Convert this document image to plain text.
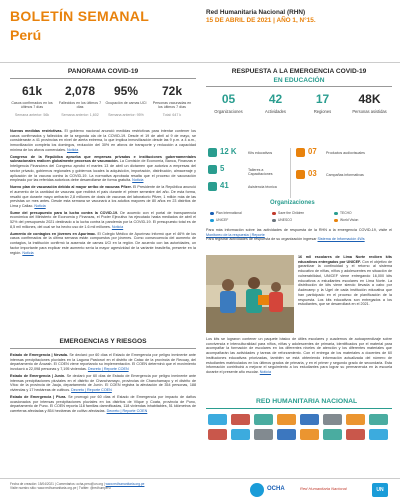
BOLETÍN SEMANAL
Perú
Red Humanitaria Nacional (RHN)
15 DE ABRIL DE 2021 | AÑO 1, N°15.
PANORAMA COVID-19
61k
Casos confirmados en los últimos 7 días
Semana anterior: 56k
2,078
Fallecidos en los últimos 7 días
Semana anterior: 1,602
95%
Ocupación de camas UCI
Semana anterior: 95%
72k
Personas vacunadas en los últimos 7 días
Total: 647 k
Nuevas medidas restrictivas. El gobierno nacional anunció medidas restrictivas para intentar contener los casos confirmados y fallecidos de la segunda ola de la COVID-19. Desde el 19 de abril al 9 de mayo, se considerarán a 41 provincias en nivel de alerta extrema, lo que implica inmovilización desde las 9 p.m. a 4 a.m., inmovilización completa los domingos, reducción del 30% en aforos de transporte y reducción a capacidad mínima de los aforos comerciales. Noticia
Congreso de la República aprueba que empresas privadas e instituciones gubernamentales subnacionales realicen globalmente procesos de vacunación. La Comisión de Economía, Banca, Finanzas e Inteligencia Financiera del Congreso aprobó el martes 13 de abril un dictamen que autoriza a empresas del sector privado, gobiernos regionales y gobiernos locales la adquisición, importación, distribución, almacenaje y aplicación de la vacuna contra la COVID-19. La normativa aprobada resalta que el proceso de vacunación empleado por las referidas autoricos debe desarrollarse de forma gratuita. Noticia
Nuevo plan de vacunación debido al mayor arribo de vacunas Pfizer. El Presidente de la República anunció el aumento de la cantidad de vacunas que recibirá el país durante el primer semestre del año. De esta forma, resaltó que durante mayo arribarán 2,8 millones de dosis de vacunas del laboratorio Pfizer, 1 millón más de las previstas un mes antes. Desde esta semana se vacunará a los adultos mayores de 80 años en 23 distritos de Lima y Callao. Noticia
Sume del presupuesto para la lucha contra la COVID-19. De acuerdo con el portal de transparencia económica del Ministerio de Economía y Finanzas, el Poder Ejecutivo ha ejecutado hasta mediados de abril el 52% del presupuesto 2021 destinado a la lucha contra la pandemia por la COVID-19. El presupuesto total es de 8,5 mil millones, del cual se ha hecho uso de 1.6 mil millones. Noticia
Aumento de contagios en jóvenes en Apurímac. El Colegio Médico de Apurímac informó que el 46% de los casos confirmados de la última semana están compuestos por jóvenes. Como consecuencia del aumento de contagios, la institución confirmó la ausencia de camas UCI en la región. De acuerdo con las autoridades, un factor importante para explicar este aumento sería la mayor agresividad de la variante brasileña, presente en la región. Noticia
EMERGENCIAS Y RIESGOS
Estado de Emergencia | Nevada. Se declaró por 60 días el Estado de Emergencia por peligro inminente ante intensas precipitaciones pluviales en la Laguna Pastoruri en el distrito de Catac de la provincia de Recuay, del departamento de Áncash. El COEN viene reportando su implementación. El COEN determinó que el movimiento involucró a 22,098 personas y 7,195 viviendas. Decreto | Reporte COEN
Estado de Emergencia | Junín. Se declaró por 60 días de Estado de Emergencia por peligro inminente ante intensas precipitaciones pluviales en el distrito de Chanchamayo, provincias de Chanchamayo y el distrito de Vítoc de la provincia de Jauja, departamento de Junín. El COEN registra la afectación de 354 personas, 188 viviendas y 17 hectáreas de cultivos. Decreto | Reporte COEN
Estado de Emergencia | Piura. Se prorrogó por 60 días el Estado de Emergencia por impacto de daños ocasionados por intensas precipitaciones pluviales en los distritos de Vilque y Coata, provincia de Puno, departamento de Puno. El COEN reporta 118 familias damnificadas, 118 viviendas inhabitables, 51 kilómetros de carreteras afectadas y 854 hectáreas de cultivo afectadas. Decreto | Reporte COEN
RESPUESTA A LA EMERGENCIA COVID-19
EN EDUCACIÓN
05
Organizaciones
42
Actividades
17
Regiones
48K
Personas asistidas
12 K	Kits educativos
5	Talleres a Capacitaciones
41	Asistencia técnica
07	Productos audiovisuales
03	Campañas informativas
Organizaciones
Plan International	Save the Children	TECHO
UNICEF	UNESCO	World Vision
Para más información sobre las actividades de respuesta de la RHN a la emergencia COVID-19, visite el Monitoreo de la respuesta | Reporte
Para registrar actividades de respuesta de su organización ingresar Sistema de Información 4Ws
16 mil escolares de Lima Norte reciben kits educativos entregados por UNICEF. Con el objetivo de garantizar la continuidad y el retorno al sistema educativo de niñas, niños y adolescentes en situación de vulnerabilidad, UNICEF viene entregando 16,000 kits educativos a estudiantes escolares en Lima Norte. La distribución de kits viene siendo llevada a cabo por Asdecamp y la Ugel de cada institución educativa que han participado en el proceso de planificación de la respuesta. Los kits educativos son entregados a los estudiantes, que se desarrollará en el 2021.
Los kits se lograron contener un paquete básico de útiles escolares y cuadernos de autoaprendizaje sobre convivencia e interculturalidad para niños, niñas y adolescentes de primaria, identificados por el material para acompañar la formación de escolares en los diferentes niveles de atención y los diferentes materiales que acompañarán las actividades y tareas de reforzamiento. Con el entrega de los materiales a docentes de 60 instituciones educativas priorizadas, también se está obteniendo información actualizada del número de estudiantes matriculados en los últimos grados de primaria, y en el primer y segundo grado de secundaria. Esta información contribuirá a mejorar el seguimiento a los estudiantes para lograr su permanencia en la escuela durante el presente año escolar. Noticia
RED HUMANITARIA NACIONAL
Fecha de creación: 15/04/2021 | Comentarios: ocha-peru@un.org | www.redhumanitaria.org.pe
Visite nuestro sitio: www.redhumanitaria.org.pe | Twitter: @redhumperu	OCHA	Red Humanitaria Nacional	UN
